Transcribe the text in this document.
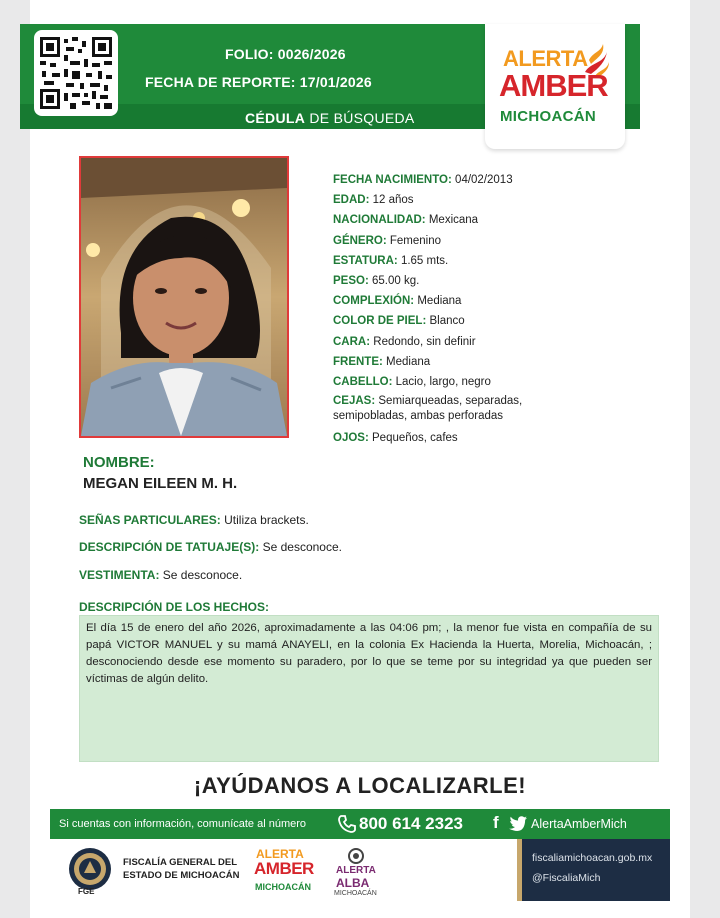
FOLIO: 0026/2026
FECHA DE REPORTE: 17/01/2026
CÉDULA DE BÚSQUEDA
ALERTA
AMBER
MICHOACÁN
FECHA NACIMIENTO: 04/02/2013
EDAD: 12 años
NACIONALIDAD: Mexicana
GÉNERO: Femenino
ESTATURA: 1.65 mts.
PESO: 65.00 kg.
COMPLEXIÓN: Mediana
COLOR DE PIEL: Blanco
CARA: Redondo, sin definir
FRENTE: Mediana
CABELLO: Lacio, largo, negro
CEJAS: Semiarqueadas, separadas,
semipobladas, ambas perforadas
OJOS: Pequeños, cafes
NOMBRE:
MEGAN EILEEN M. H.
SEÑAS PARTICULARES: Utiliza brackets.
DESCRIPCIÓN DE TATUAJE(S): Se desconoce.
VESTIMENTA: Se desconoce.
DESCRIPCIÓN DE LOS HECHOS:
El día 15 de enero del año 2026, aproximadamente a las 04:06 pm; , la menor fue vista en compañía de su papá VICTOR MANUEL y su mamá ANAYELI, en la colonia Ex Hacienda la Huerta, Morelia, Michoacán, ; desconociendo desde ese momento su paradero, por lo que se teme por su integridad ya que pueden ser víctimas de algún delito.
¡AYÚDANOS A LOCALIZARLE!
Si cuentas con información, comunícate al número	800 614 2323 f	AlertaAmberMich
FGE
FISCALÍA GENERAL DEL
ESTADO DE MICHOACÁN
ALERTA
AMBER
MICHOACÁN
ALERTA
ALBA
MICHOACÁN
fiscaliamichoacan.gob.mx
@FiscaliaMich
